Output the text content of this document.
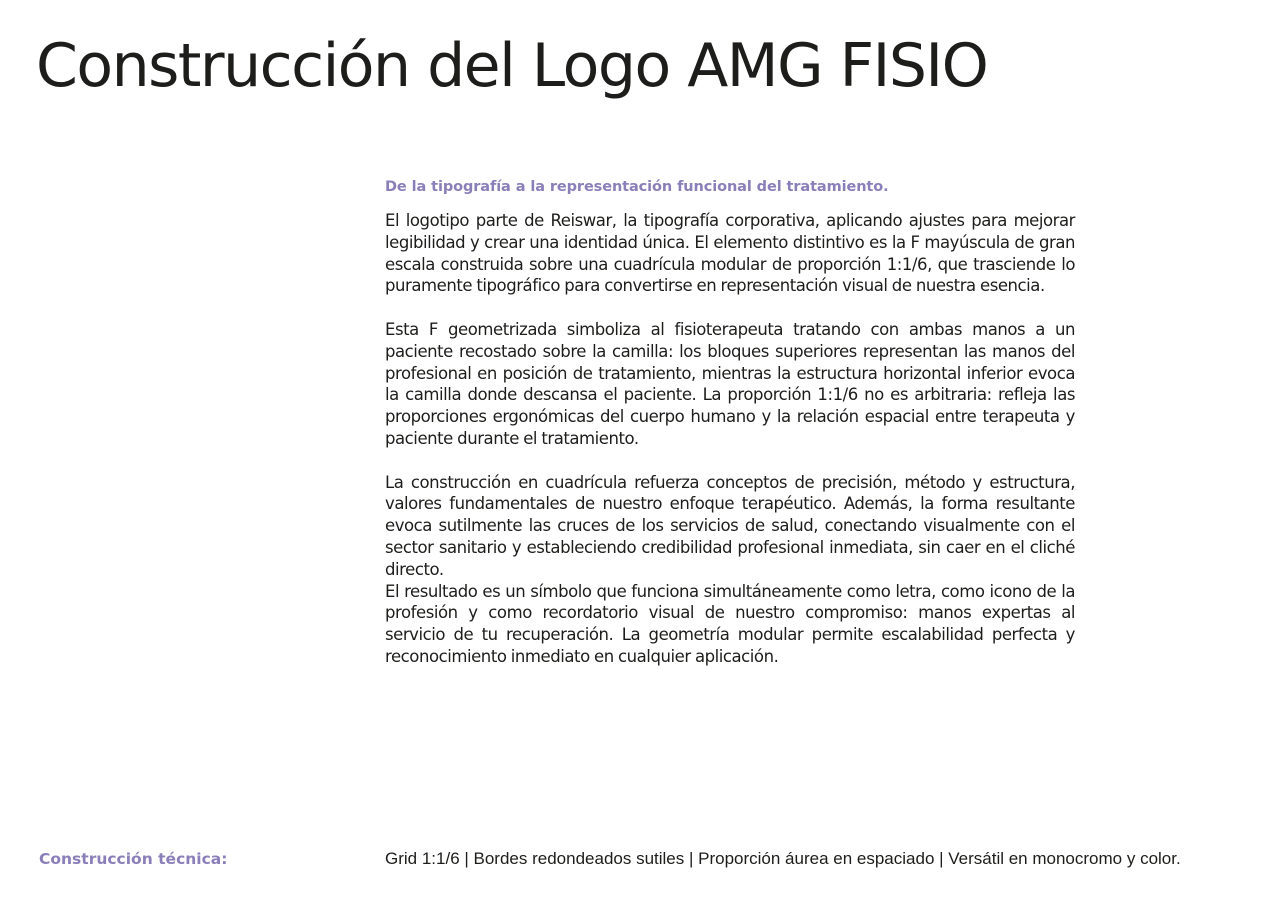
Construcción del Logo AMG FISIO

De la tipografía a la representación funcional del tratamiento.

El logotipo parte de Reiswar, la tipografía corporativa, aplicando ajustes para mejorar legibilidad y crear una identidad única. El elemento distintivo es la F mayúscula de gran escala construida sobre una cuadrícula modular de proporción 1:1/6, que trasciende lo puramente tipográfico para convertirse en representación visual de nuestra esencia.

Esta F geometrizada simboliza al fisioterapeuta tratando con ambas manos a un paciente recostado sobre la camilla: los bloques superiores representan las manos del profesional en posición de tratamiento, mientras la estructura horizontal inferior evoca la camilla donde descansa el paciente. La proporción 1:1/6 no es arbitraria: refleja las proporciones ergonómicas del cuerpo humano y la relación espacial entre terapeuta y paciente durante el tratamiento.

La construcción en cuadrícula refuerza conceptos de precisión, método y estructura, valores fundamentales de nuestro enfoque terapéutico. Además, la forma resultante evoca sutilmente las cruces de los servicios de salud, conectando visualmente con el sector sanitario y estableciendo credibilidad profesional inmediata, sin caer en el cliché directo.

El resultado es un símbolo que funciona simultáneamente como letra, como icono de la profesión y como recordatorio visual de nuestro compromiso: manos expertas al servicio de tu recuperación. La geometría modular permite escalabilidad perfecta y reconocimiento inmediato en cualquier aplicación.

Construcción técnica:	Grid 1:1/6 | Bordes redondeados sutiles | Proporción áurea en espaciado | Versátil en monocromo y color.
